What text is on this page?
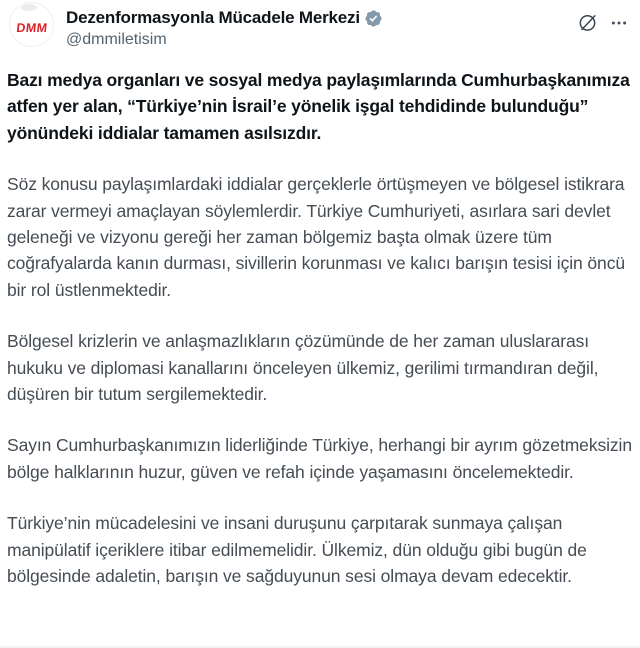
DMM
Dezenformasyonla Mücadele Merkezi
@dmmiletisim

Bazı medya organları ve sosyal medya paylaşımlarında Cumhurbaşkanımıza atfen yer alan, “Türkiye’nin İsrail’e yönelik işgal tehdidinde bulunduğu” yönündeki iddialar tamamen asılsızdır.

Söz konusu paylaşımlardaki iddialar gerçeklerle örtüşmeyen ve bölgesel istikrara zarar vermeyi amaçlayan söylemlerdir. Türkiye Cumhuriyeti, asırlara sari devlet geleneği ve vizyonu gereği her zaman bölgemiz başta olmak üzere tüm coğrafyalarda kanın durması, sivillerin korunması ve kalıcı barışın tesisi için öncü bir rol üstlenmektedir.

Bölgesel krizlerin ve anlaşmazlıkların çözümünde de her zaman uluslararası hukuku ve diplomasi kanallarını önceleyen ülkemiz, gerilimi tırmandıran değil, düşüren bir tutum sergilemektedir.

Sayın Cumhurbaşkanımızın liderliğinde Türkiye, herhangi bir ayrım gözetmeksizin bölge halklarının huzur, güven ve refah içinde yaşamasını öncelemektedir.

Türkiye’nin mücadelesini ve insani duruşunu çarpıtarak sunmaya çalışan manipülatif içeriklere itibar edilmemelidir. Ülkemiz, dün olduğu gibi bugün de bölgesinde adaletin, barışın ve sağduyunun sesi olmaya devam edecektir.
